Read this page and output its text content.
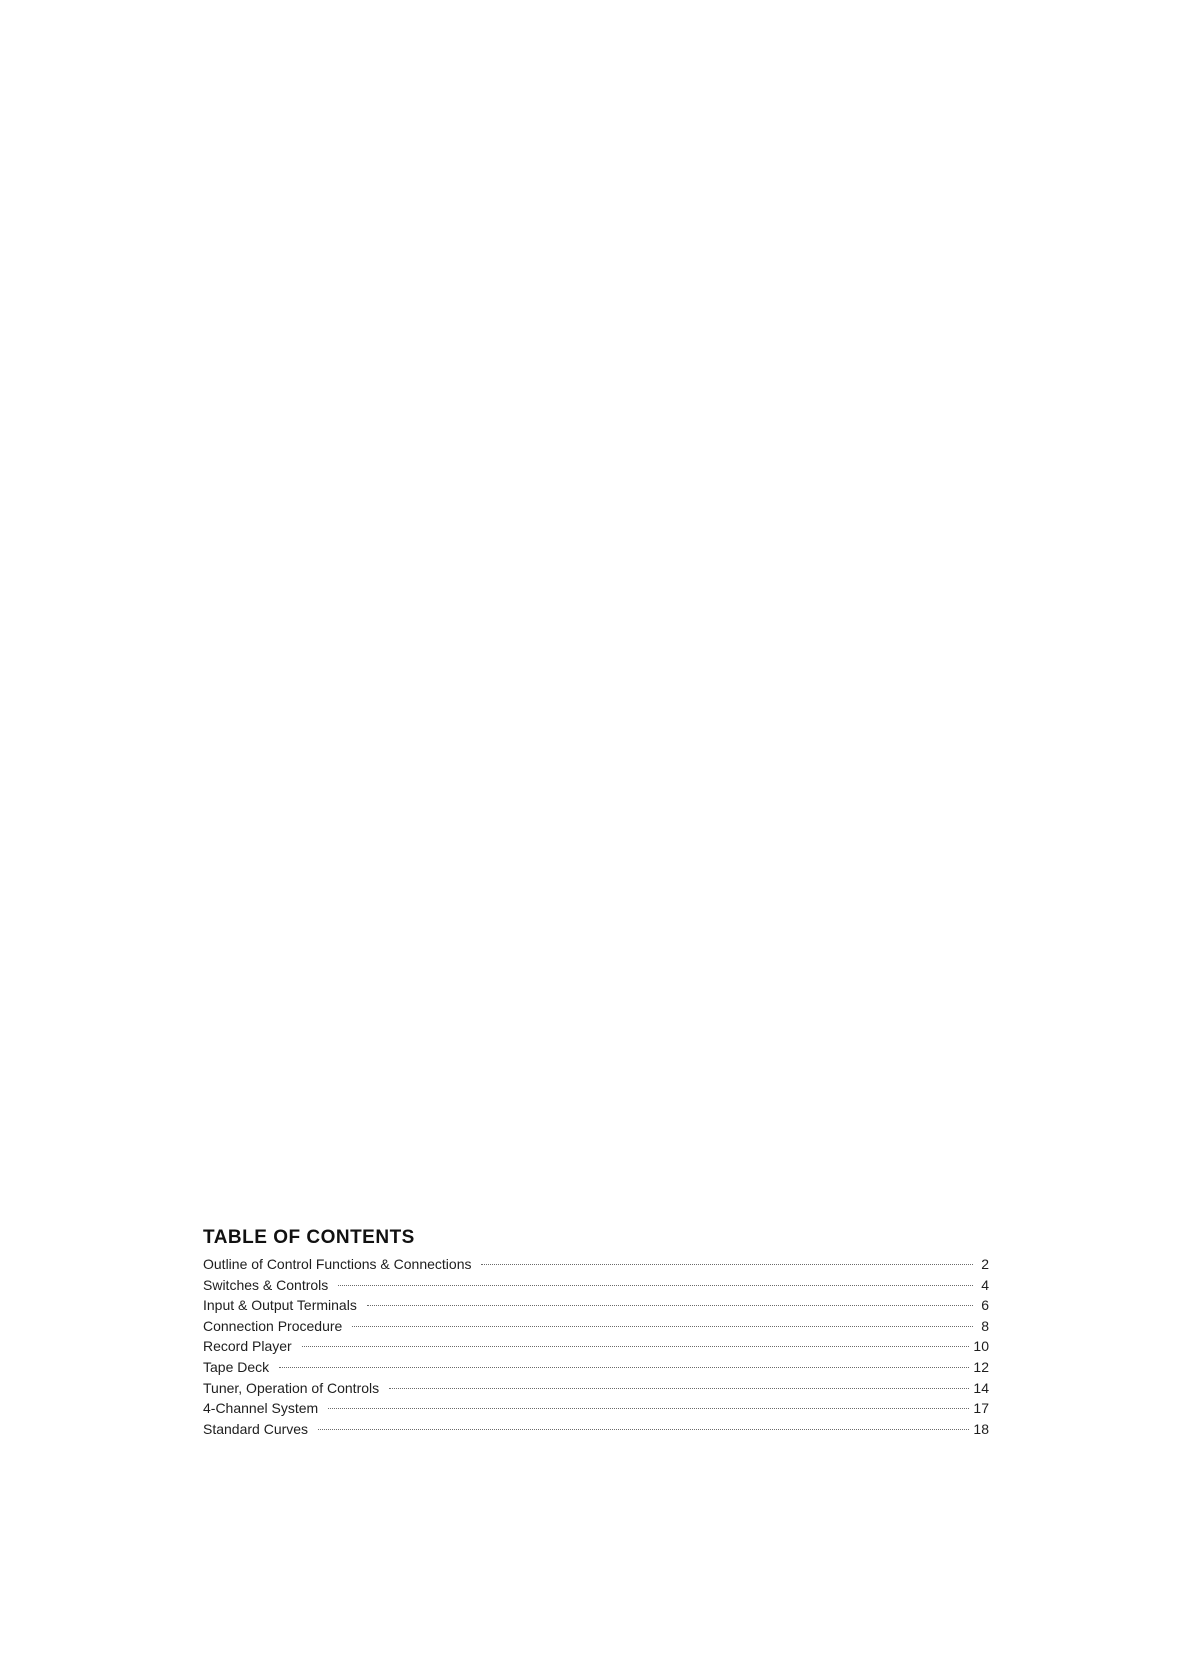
TABLE OF CONTENTS
Outline of Control Functions & Connections	2
Switches & Controls	4
Input & Output Terminals	6
Connection Procedure	8
Record Player	10
Tape Deck	12
Tuner, Operation of Controls	14
4-Channel System	17
Standard Curves	18
